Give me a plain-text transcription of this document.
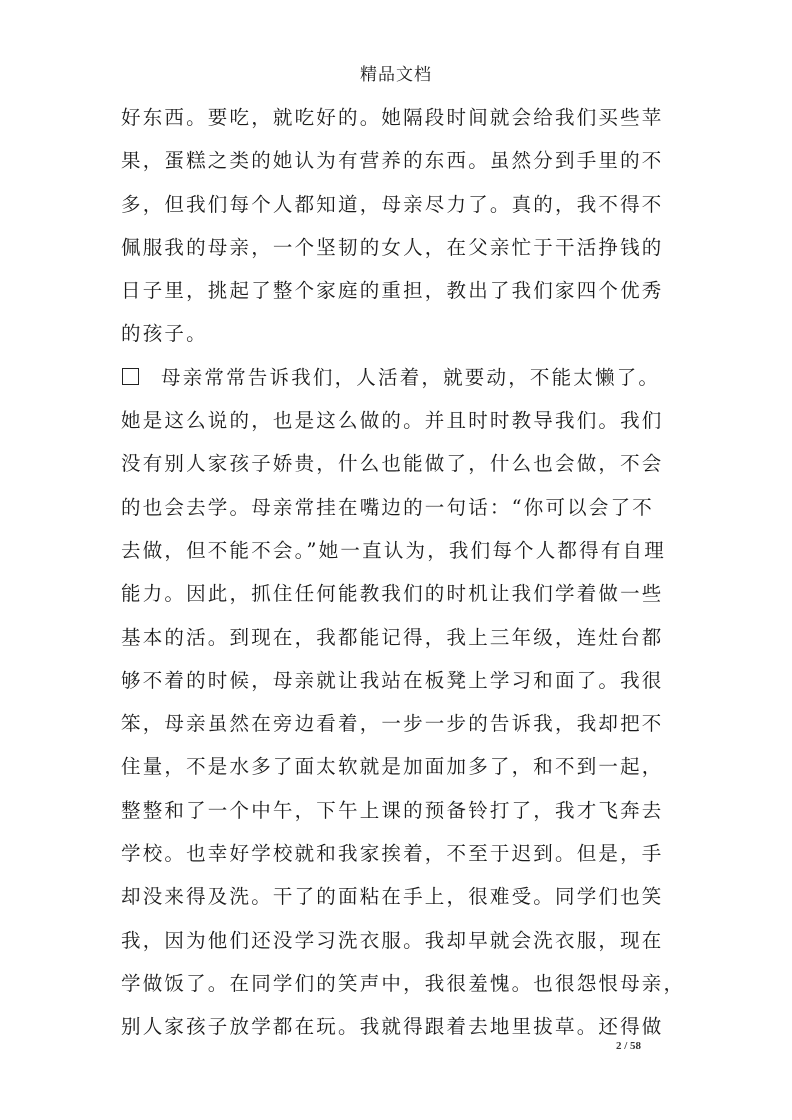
精品文档
好东西。要吃，就吃好的。她隔段时间就会给我们买些苹
果，蛋糕之类的她认为有营养的东西。虽然分到手里的不
多，但我们每个人都知道，母亲尽力了。真的，我不得不
佩服我的母亲，一个坚韧的女人，在父亲忙于干活挣钱的
日子里，挑起了整个家庭的重担，教出了我们家四个优秀
的孩子。
母亲常常告诉我们，人活着，就要动，不能太懒了。
她是这么说的，也是这么做的。并且时时教导我们。我们
没有别人家孩子娇贵，什么也能做了，什么也会做，不会
的也会去学。母亲常挂在嘴边的一句话：“你可以会了不
去做，但不能不会。”她一直认为，我们每个人都得有自理
能力。因此，抓住任何能教我们的时机让我们学着做一些
基本的活。到现在，我都能记得，我上三年级，连灶台都
够不着的时候，母亲就让我站在板凳上学习和面了。我很
笨，母亲虽然在旁边看着，一步一步的告诉我，我却把不
住量，不是水多了面太软就是加面加多了，和不到一起，
整整和了一个中午，下午上课的预备铃打了，我才飞奔去
学校。也幸好学校就和我家挨着，不至于迟到。但是，手
却没来得及洗。干了的面粘在手上，很难受。同学们也笑
我，因为他们还没学习洗衣服。我却早就会洗衣服，现在
学做饭了。在同学们的笑声中，我很羞愧。也很怨恨母亲，
别人家孩子放学都在玩。我就得跟着去地里拔草。还得做
2 / 58
